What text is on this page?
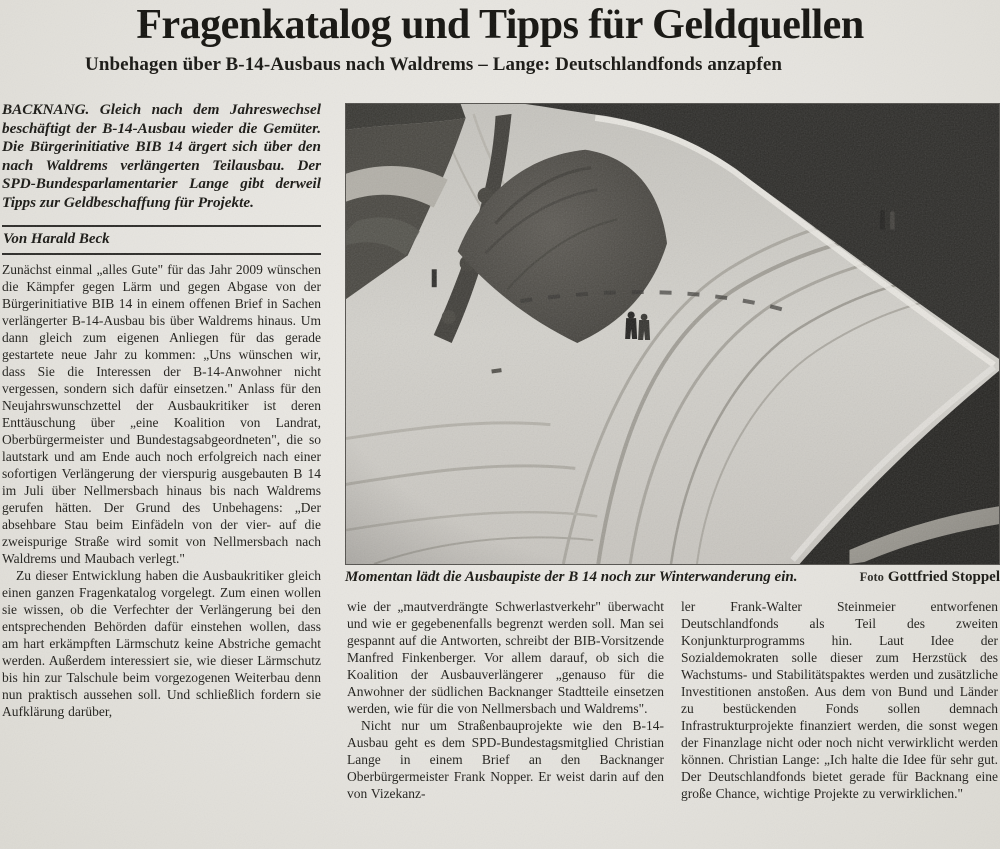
Fragenkatalog und Tipps für Geldquellen
Unbehagen über B-14-Ausbaus nach Waldrems – Lange: Deutschlandfonds anzapfen

BACKNANG. Gleich nach dem Jahreswechsel beschäftigt der B-14-Ausbau wieder die Gemüter. Die Bürgerinitiative BIB 14 ärgert sich über den nach Waldrems verlängerten Teilausbau. Der SPD-Bundesparlamentarier Lange gibt derweil Tipps zur Geldbeschaffung für Projekte.

Von Harald Beck

Zunächst einmal „alles Gute" für das Jahr 2009 wünschen die Kämpfer gegen Lärm und gegen Abgase von der Bürgerinitiative BIB 14 in einem offenen Brief in Sachen verlängerter B-14-Ausbau bis über Waldrems hinaus. Um dann gleich zum eigenen Anliegen für das gerade gestartete neue Jahr zu kommen: „Uns wünschen wir, dass Sie die Interessen der B-14-Anwohner nicht vergessen, sondern sich dafür einsetzen." Anlass für den Neujahrswunschzettel der Ausbaukritiker ist deren Enttäuschung über „eine Koalition von Landrat, Oberbürgermeister und Bundestagsabgeordneten", die so lautstark und am Ende auch noch erfolgreich nach einer sofortigen Verlängerung der vierspurig ausgebauten B 14 im Juli über Nellmersbach hinaus bis nach Waldrems gerufen hätten. Der Grund des Unbehagens: „Der absehbare Stau beim Einfädeln von der vier- auf die zweispurige Straße wird somit von Nellmersbach nach Waldrems und Maubach verlegt."

Zu dieser Entwicklung haben die Ausbaukritiker gleich einen ganzen Fragenkatalog vorgelegt. Zum einen wollen sie wissen, ob die Verfechter der Verlängerung bei den entsprechenden Behörden dafür einstehen wollen, dass am hart erkämpften Lärmschutz keine Abstriche gemacht werden. Außerdem interessiert sie, wie dieser Lärmschutz bis hin zur Talschule beim vorgezogenen Weiterbau denn nun praktisch aussehen soll. Und schließlich fordern sie Aufklärung darüber,

Momentan lädt die Ausbaupiste der B 14 noch zur Winterwanderung ein.	Foto Gottfried Stoppel

wie der „mautverdrängte Schwerlastverkehr" überwacht und wie er gegebenenfalls begrenzt werden soll. Man sei gespannt auf die Antworten, schreibt der BIB-Vorsitzende Manfred Finkenberger. Vor allem darauf, ob sich die Koalition der Ausbauverlängerer „genauso für die Anwohner der südlichen Backnanger Stadtteile einsetzen werden, wie für die von Nellmersbach und Waldrems".

Nicht nur um Straßenbauprojekte wie den B-14-Ausbau geht es dem SPD-Bundestagsmitglied Christian Lange in einem Brief an den Backnanger Oberbürgermeister Frank Nopper. Er weist darin auf den von Vizekanz-

ler Frank-Walter Steinmeier entworfenen Deutschlandfonds als Teil des zweiten Konjunkturprogramms hin. Laut Idee der Sozialdemokraten solle dieser zum Herzstück des Wachstums- und Stabilitätspaktes werden und zusätzliche Investitionen anstoßen. Aus dem von Bund und Länder zu bestückenden Fonds sollen demnach Infrastrukturprojekte finanziert werden, die sonst wegen der Finanzlage nicht oder noch nicht verwirklicht werden können. Christian Lange: „Ich halte die Idee für sehr gut. Der Deutschlandfonds bietet gerade für Backnang eine große Chance, wichtige Projekte zu verwirklichen."
